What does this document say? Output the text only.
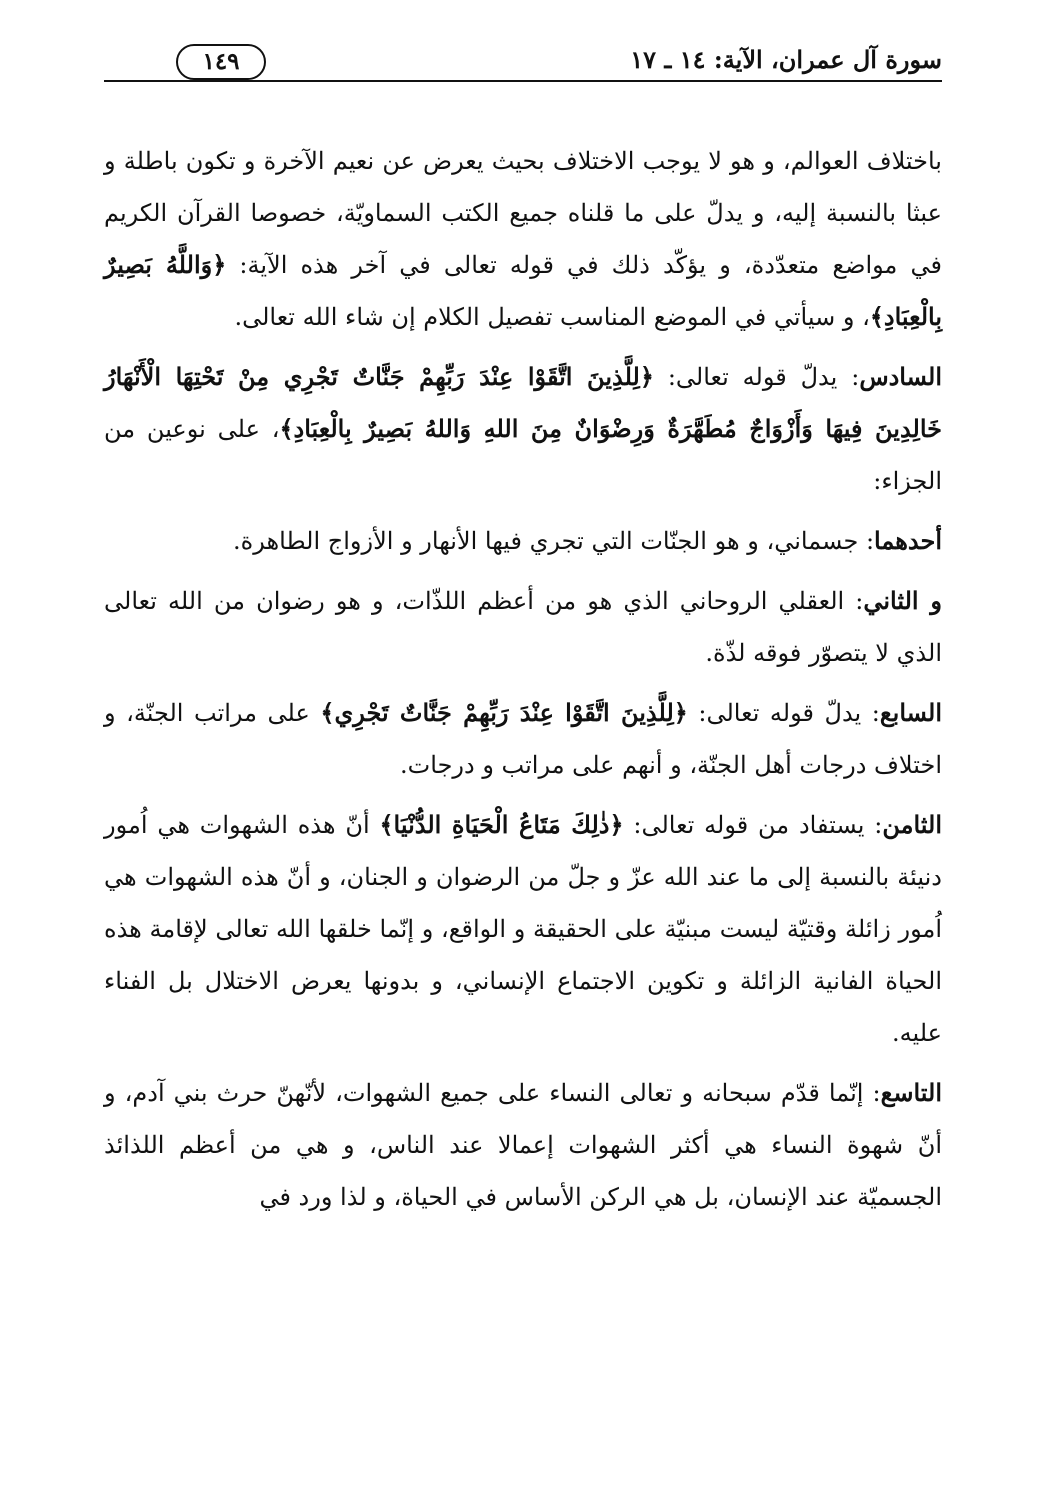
سورة آل عمران، الآية: ١٤ ـ ١٧
١٤٩

باختلاف العوالم، و هو لا يوجب الاختلاف بحيث يعرض عن نعيم الآخرة و تكون باطلة و عبثا بالنسبة إليه، و يدلّ على ما قلناه جميع الكتب السماويّة، خصوصا القرآن الكريم في مواضع متعدّدة، و يؤكّد ذلك في قوله تعالى في آخر هذه الآية: ﴿وَاللَّهُ بَصِيرٌ بِالْعِبَادِ﴾، و سيأتي في الموضع المناسب تفصيل الكلام إن شاء الله تعالى.

السادس: يدلّ قوله تعالى: ﴿لِلَّذِينَ اتَّقَوْا عِنْدَ رَبِّهِمْ جَنَّاتٌ تَجْرِي مِنْ تَحْتِهَا الْأَنْهَارُ خَالِدِينَ فِيهَا وَأَزْوَاجٌ مُطَهَّرَةٌ وَرِضْوَانٌ مِنَ اللهِ وَاللهُ بَصِيرٌ بِالْعِبَادِ﴾، على نوعين من الجزاء:

أحدهما: جسماني، و هو الجنّات التي تجري فيها الأنهار و الأزواج الطاهرة.

و الثاني: العقلي الروحاني الذي هو من أعظم اللذّات، و هو رضوان من الله تعالى الذي لا يتصوّر فوقه لذّة.

السابع: يدلّ قوله تعالى: ﴿لِلَّذِينَ اتَّقَوْا عِنْدَ رَبِّهِمْ جَنَّاتٌ تَجْرِي﴾ على مراتب الجنّة، و اختلاف درجات أهل الجنّة، و أنهم على مراتب و درجات.

الثامن: يستفاد من قوله تعالى: ﴿ذٰلِكَ مَتَاعُ الْحَيَاةِ الدُّنْيَا﴾ أنّ هذه الشهوات هي اُمور دنيئة بالنسبة إلى ما عند الله عزّ و جلّ من الرضوان و الجنان، و أنّ هذه الشهوات هي اُمور زائلة وقتيّة ليست مبنيّة على الحقيقة و الواقع، و إنّما خلقها الله تعالى لإقامة هذه الحياة الفانية الزائلة و تكوين الاجتماع الإنساني، و بدونها يعرض الاختلال بل الفناء عليه.

التاسع: إنّما قدّم سبحانه و تعالى النساء على جميع الشهوات، لأنّهنّ حرث بني آدم، و أنّ شهوة النساء هي أكثر الشهوات إعمالا عند الناس، و هي من أعظم اللذائذ الجسميّة عند الإنسان، بل هي الركن الأساس في الحياة، و لذا ورد في
